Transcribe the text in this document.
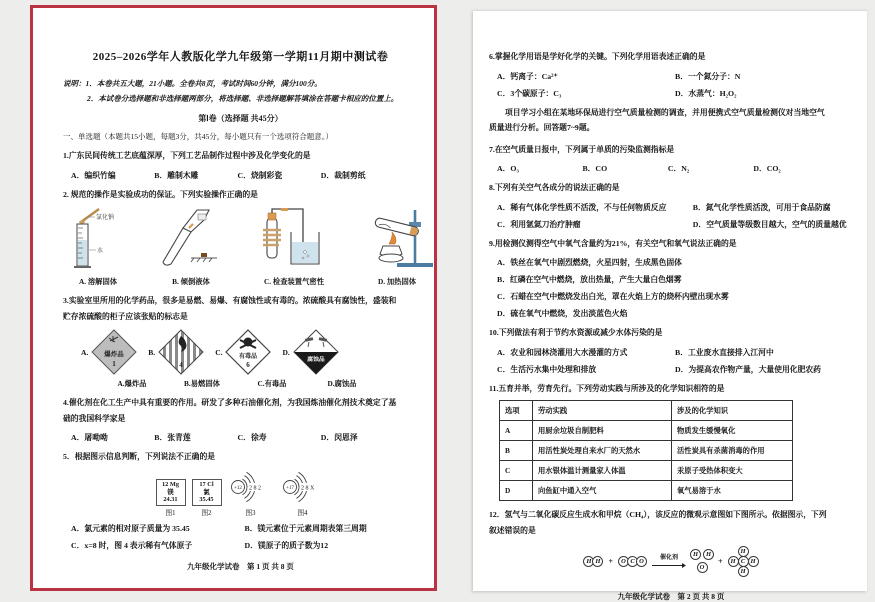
2025–2026学年人教版化学九年级第一学期11月期中测试卷
说明：1．本卷共五大题，21小题。全卷共8页，考试时间60分钟，满分100分。
2．本试卷分选择题和非选择题两部分，将选择题、非选择题解答填涂在答题卡相应的位置上。
第Ⅰ卷（选择题 共45分）
一、单选题（本题共15小题，每题3分，共45分，每小题只有一个选项符合题意。）
1.广东民间传统工艺底蕴深厚，下列工艺品制作过程中涉及化学变化的是
A．编织竹编	B．雕制木雕	C．烧制彩瓷	D．裁制剪纸
2. 规范的操作是实验成功的保证。下列实验操作正确的是
氯化钠
水
A. 溶解固体	B. 倾倒液体	C. 检查装置气密性	D. 加热固体
3.实验室里所用的化学药品，很多是易燃、易爆、有腐蚀性或有毒的。浓硫酸具有腐蚀性，盛装和
贮存浓硫酸的柜子应该张贴的标志是
A.	爆炸品
1
B.
4
C.
有毒品
6
D.
腐蚀品
A.爆炸品	B.易燃固体	C.有毒品	D.腐蚀品
4.催化剂在化工生产中具有重要的作用。研发了多种石油催化剂，为我国炼油催化剂技术奠定了基
础的我国科学家是
A．屠呦呦	B．张青莲	C．徐寿	D．闵恩泽
5．根据图示信息判断，下列说法不正确的是
12 Mg
镁
24.31
图1
17 Cl
氯
35.45
图2
+12 2 8 2
图3
+17 2 8 X
图4
A．氯元素的相对原子质量为 35.45	B．镁元素位于元素周期表第三周期
C．x=8 时，图 4 表示稀有气体原子	D．镁原子的质子数为12
九年级化学试卷　第 1 页 共 8 页
6.掌握化学用语是学好化学的关键。下列化学用语表述正确的是
A．钙离子：Ca²⁺	B．一个氮分子：N
C．3个碳原子：C₃	D．水蒸气：H₂O₂
项目学习小组在某地环保局进行空气质量检测的调查，并用便携式空气质量检测仪对当地空气
质量进行分析。回答题7~9题。
7.在空气质量日报中，下列属于单质的污染监测指标是
A．O₃	B．CO	C．N₂	D．CO₂
8.下列有关空气各成分的说法正确的是
A．稀有气体化学性质不活泼，不与任何物质反应	B．氮气化学性质活泼，可用于食品防腐
C．利用氩氦刀治疗肿瘤	D．空气质量等级数目越大，空气的质量越优
9.用检测仪测得空气中氧气含量约为21%，有关空气和氧气说法正确的是
A．铁丝在氧气中剧烈燃烧，火星四射，生成黑色固体
B．红磷在空气中燃烧，放出热量，产生大量白色烟雾
C．石蜡在空气中燃烧发出白光，罩在火焰上方的烧杯内壁出现水雾
D．硫在氧气中燃烧，发出淡蓝色火焰
10.下列做法有利于节约水资源或减少水体污染的是
A．农业和园林浇灌用大水漫灌的方式	B．工业废水直接排入江河中
C．生活污水集中处理和排放	D．为提高农作物产量，大量使用化肥农药
11.五育并举，劳育先行。下列劳动实践与所涉及的化学知识相符的是
选项	劳动实践	涉及的化学知识
A	用厨余垃圾自制肥料	物质发生缓慢氧化
B	用活性炭处理自来水厂的天然水	活性炭具有杀菌消毒的作用
C	用水银体温计测量家人体温	汞原子受热体积变大
D	向鱼缸中通入空气	氧气易溶于水
12．氢气与二氧化碳反应生成水和甲烷（CH₄），该反应的微观示意图如下图所示。依据图示，下列
叙述错误的是
H H +	O C O
催化剂	H	H
O
+
H
H C H
H
九年级化学试卷　第 2 页 共 8 页
